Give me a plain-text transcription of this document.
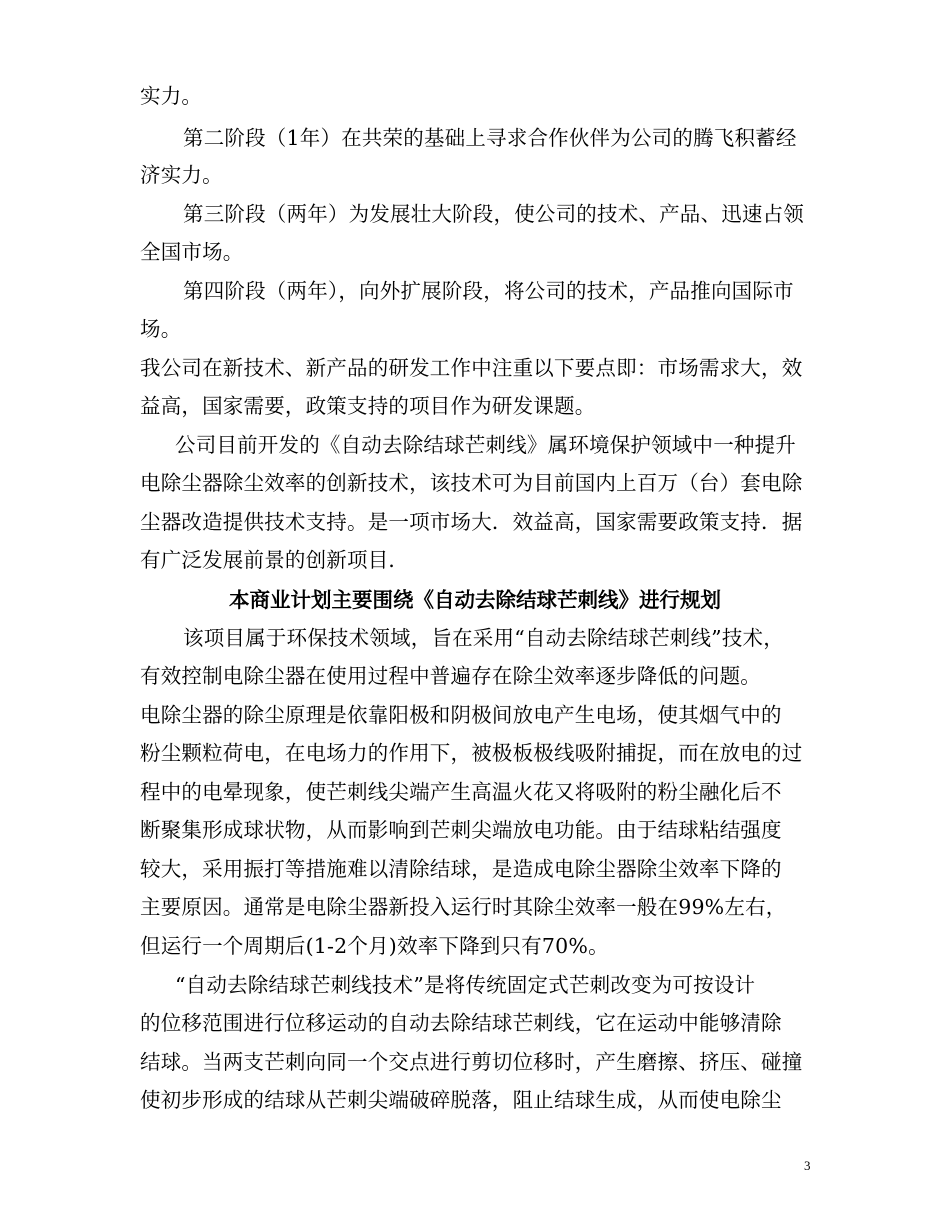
实力。
第二阶段（1年）在共荣的基础上寻求合作伙伴为公司的腾飞积蓄经
济实力。
第三阶段（两年）为发展壮大阶段，使公司的技术、产品、迅速占领
全国市场。
第四阶段（两年），向外扩展阶段，将公司的技术，产品推向国际市
场。
我公司在新技术、新产品的研发工作中注重以下要点即：市场需求大，效
益高，国家需要，政策支持的项目作为研发课题。
公司目前开发的《自动去除结球芒刺线》属环境保护领域中一种提升
电除尘器除尘效率的创新技术，该技术可为目前国内上百万（台）套电除
尘器改造提供技术支持。是一项市场大．效益高，国家需要政策支持．据
有广泛发展前景的创新项目．
本商业计划主要围绕《自动去除结球芒刺线》进行规划
该项目属于环保技术领域，旨在采用“自动去除结球芒刺线”技术，
有效控制电除尘器在使用过程中普遍存在除尘效率逐步降低的问题。
电除尘器的除尘原理是依靠阳极和阴极间放电产生电场，使其烟气中的
粉尘颗粒荷电，在电场力的作用下，被极板极线吸附捕捉，而在放电的过
程中的电晕现象，使芒刺线尖端产生高温火花又将吸附的粉尘融化后不
断聚集形成球状物，从而影响到芒刺尖端放电功能。由于结球粘结强度
较大，采用振打等措施难以清除结球，是造成电除尘器除尘效率下降的
主要原因。通常是电除尘器新投入运行时其除尘效率一般在99%左右，
但运行一个周期后(1-2个月)效率下降到只有70%。
“自动去除结球芒刺线技术”是将传统固定式芒刺改变为可按设计
的位移范围进行位移运动的自动去除结球芒刺线，它在运动中能够清除
结球。当两支芒刺向同一个交点进行剪切位移时，产生磨擦、挤压、碰撞
使初步形成的结球从芒刺尖端破碎脱落，阻止结球生成，从而使电除尘
3
